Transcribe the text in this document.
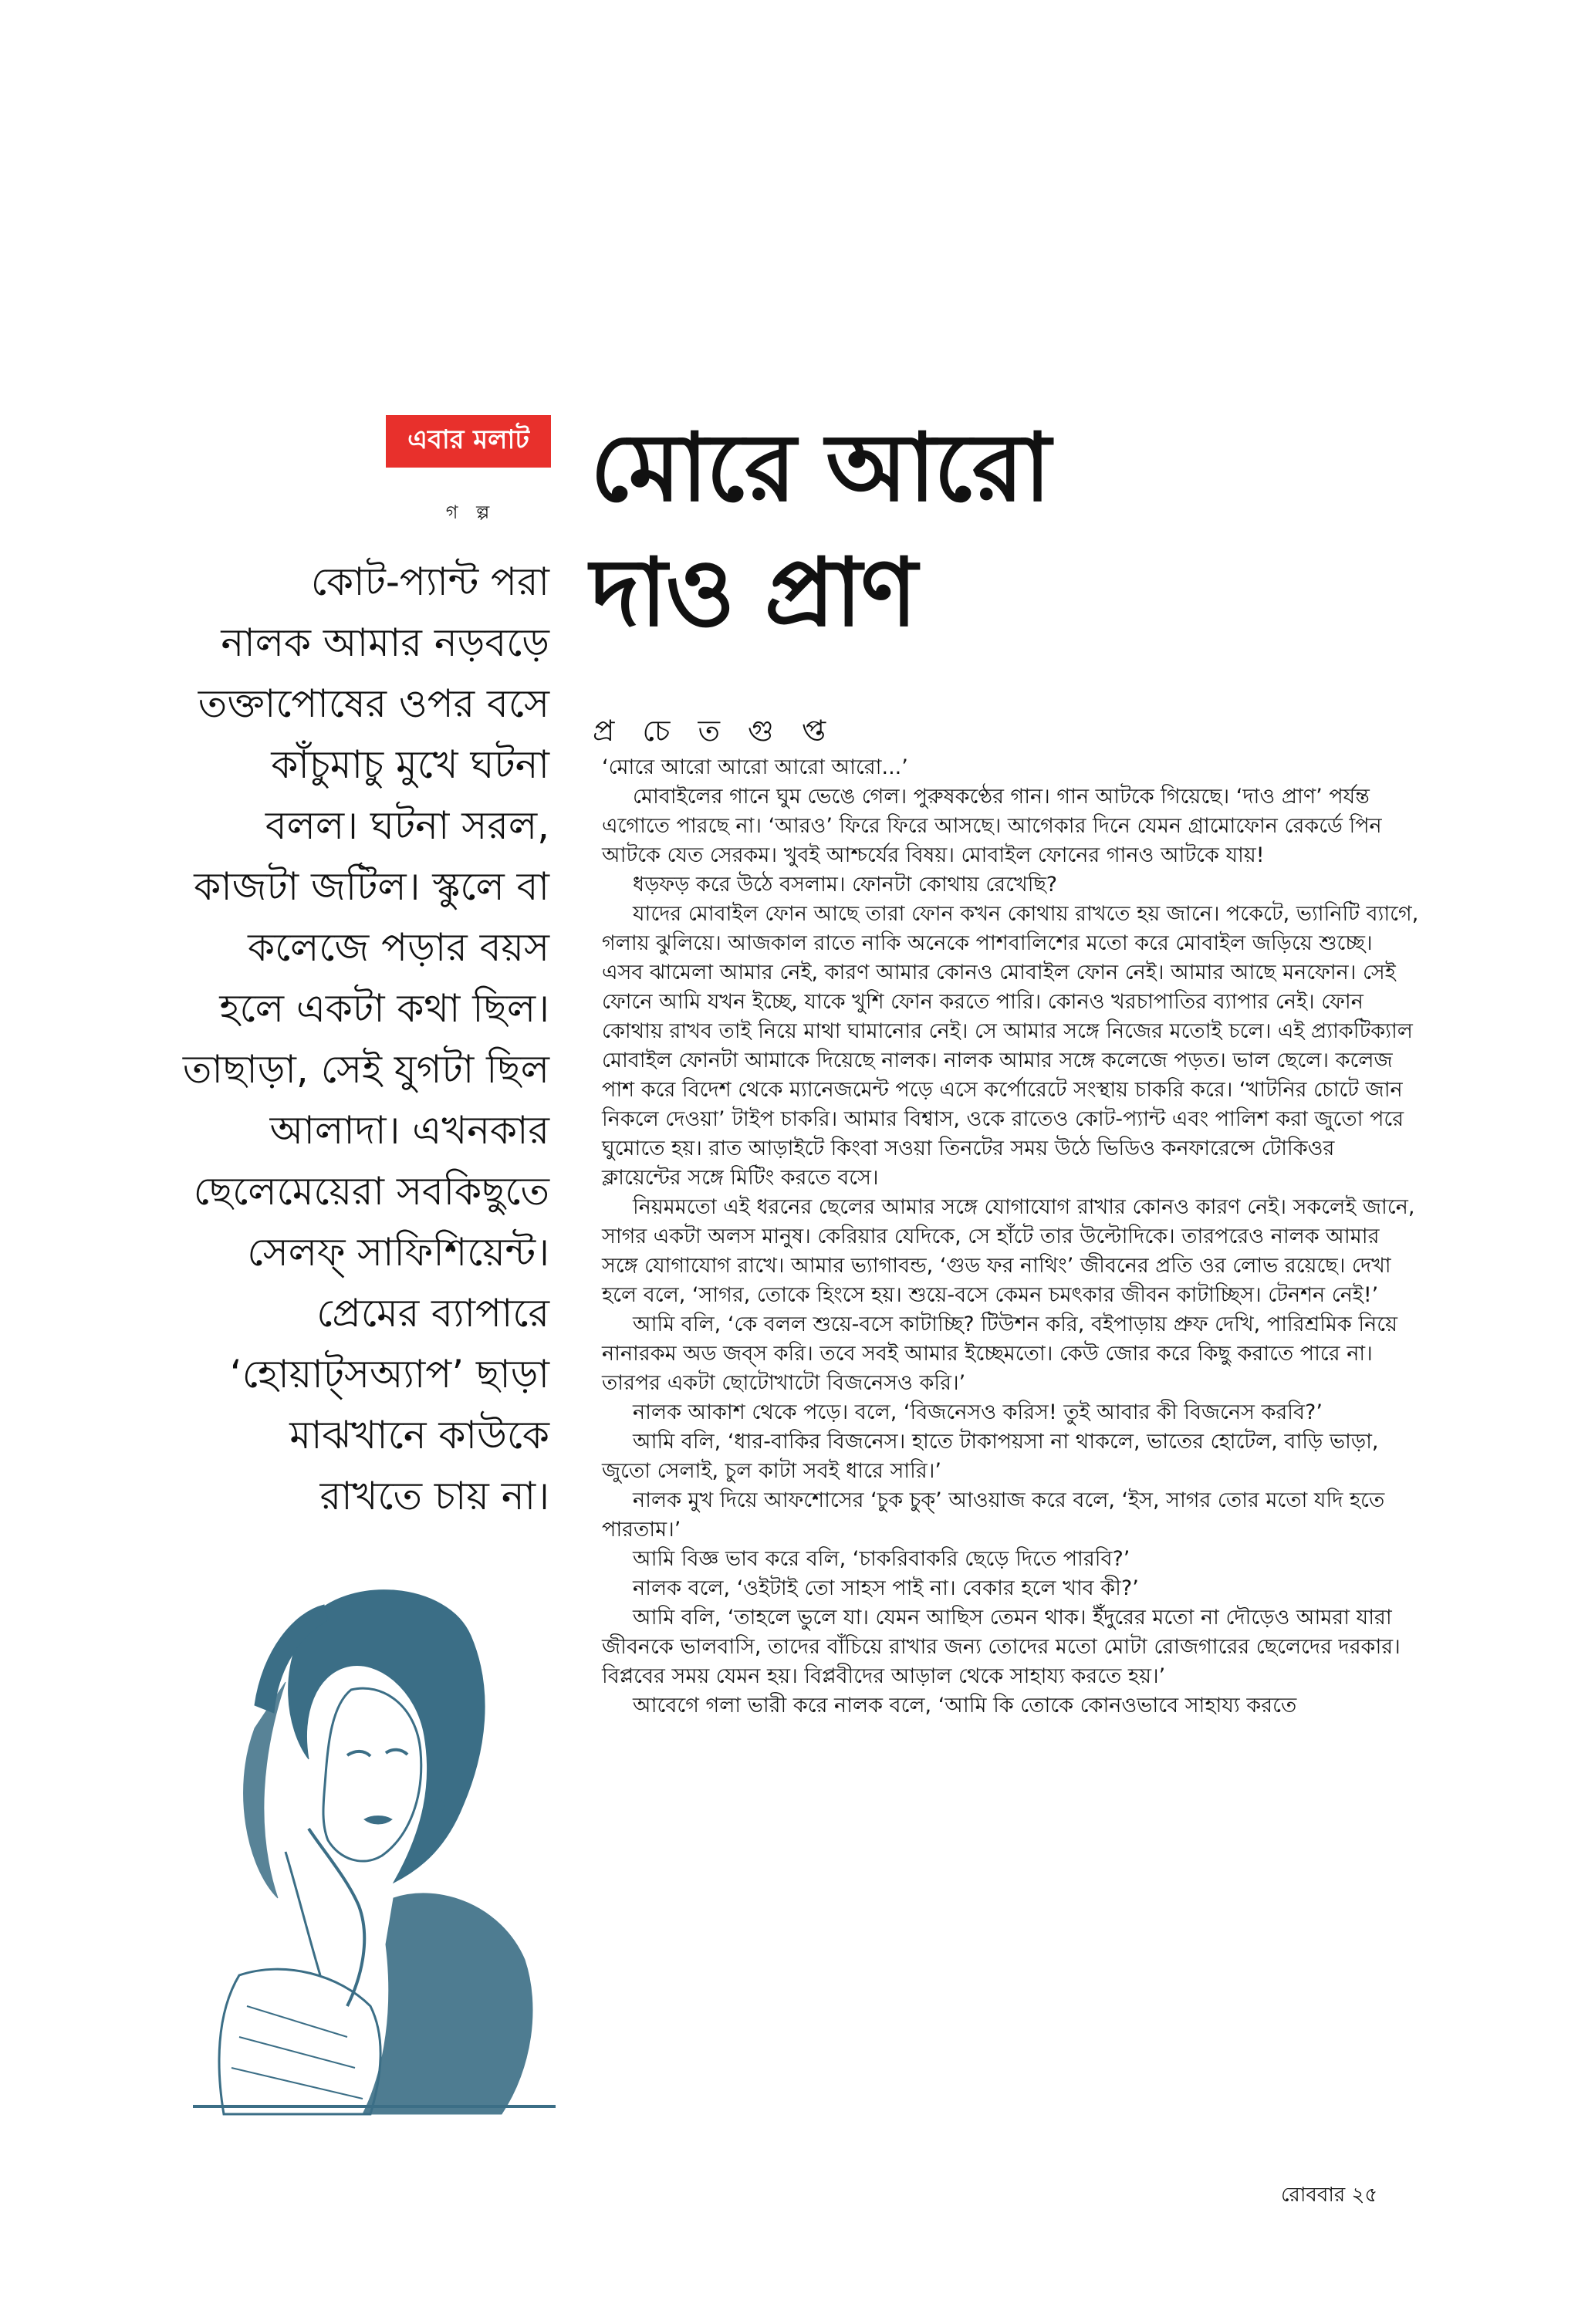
এবার মলাট
গ ল্প	মোরে আরো
দাও প্রাণ
প্র চে ত গু প্ত
কোট-প্যান্ট পরা
নালক আমার নড়বড়ে
তক্তাপোষের ওপর বসে
কাঁচুমাচু মুখে ঘটনা
বলল। ঘটনা সরল,
কাজটা জটিল। স্কুলে বা
কলেজে পড়ার বয়স
হলে একটা কথা ছিল।
তাছাড়া, সেই যুগটা ছিল
আলাদা। এখনকার
ছেলেমেয়েরা সবকিছুতে
সেলফ্ সাফিশিয়েন্ট।
প্রেমের ব্যাপারে
‘হোয়াট্সঅ্যাপ’ ছাড়া
মাঝখানে কাউকে
রাখতে চায় না।

‘মোরে আরো আরো আরো আরো...’

মোবাইলের গানে ঘুম ভেঙে গেল। পুরুষকণ্ঠের গান। গান আটকে গিয়েছে। ‘দাও প্রাণ’ পর্যন্ত এগোতে পারছে না। ‘আরও’ ফিরে ফিরে আসছে। আগেকার দিনে যেমন গ্রামোফোন রেকর্ডে পিন আটকে যেত সেরকম। খুবই আশ্চর্যের বিষয়। মোবাইল ফোনের গানও আটকে যায়!

ধড়ফড় করে উঠে বসলাম। ফোনটা কোথায় রেখেছি?

যাদের মোবাইল ফোন আছে তারা ফোন কখন কোথায় রাখতে হয় জানে। পকেটে, ভ্যানিটি ব্যাগে, গলায় ঝুলিয়ে। আজকাল রাতে নাকি অনেকে পাশবালিশের মতো করে মোবাইল জড়িয়ে শুচ্ছে। এসব ঝামেলা আমার নেই, কারণ আমার কোনও মোবাইল ফোন নেই। আমার আছে মনফোন। সেই ফোনে আমি যখন ইচ্ছে, যাকে খুশি ফোন করতে পারি। কোনও খরচাপাতির ব্যাপার নেই। ফোন কোথায় রাখব তাই নিয়ে মাথা ঘামানোর নেই। সে আমার সঙ্গে নিজের মতোই চলে। এই প্র্যাকটিক্যাল মোবাইল ফোনটা আমাকে দিয়েছে নালক। নালক আমার সঙ্গে কলেজে পড়ত। ভাল ছেলে। কলেজ পাশ করে বিদেশ থেকে ম্যানেজমেন্ট পড়ে এসে কর্পোরেটে সংস্থায় চাকরি করে। ‘খাটনির চোটে জান নিকলে দেওয়া’ টাইপ চাকরি। আমার বিশ্বাস, ওকে রাতেও কোট-প্যান্ট এবং পালিশ করা জুতো পরে ঘুমোতে হয়। রাত আড়াইটে কিংবা সওয়া তিনটের সময় উঠে ভিডিও কনফারেন্সে টোকিওর ক্লায়েন্টের সঙ্গে মিটিং করতে বসে।

নিয়মমতো এই ধরনের ছেলের আমার সঙ্গে যোগাযোগ রাখার কোনও কারণ নেই। সকলেই জানে, সাগর একটা অলস মানুষ। কেরিয়ার যেদিকে, সে হাঁটে তার উল্টোদিকে। তারপরেও নালক আমার সঙ্গে যোগাযোগ রাখে। আমার ভ্যাগাবন্ড, ‘গুড ফর নাথিং’ জীবনের প্রতি ওর লোভ রয়েছে। দেখা হলে বলে, ‘সাগর, তোকে হিংসে হয়। শুয়ে-বসে কেমন চমৎকার জীবন কাটাচ্ছিস। টেনশন নেই!’

আমি বলি, ‘কে বলল শুয়ে-বসে কাটাচ্ছি? টিউশন করি, বইপাড়ায় প্রুফ দেখি, পারিশ্রমিক নিয়ে নানারকম অড জব্‌স করি। তবে সবই আমার ইচ্ছেমতো। কেউ জোর করে কিছু করাতে পারে না। তারপর একটা ছোটোখাটো বিজনেসও করি।’

নালক আকাশ থেকে পড়ে। বলে, ‘বিজনেসও করিস! তুই আবার কী বিজনেস করবি?’

আমি বলি, ‘ধার-বাকির বিজনেস। হাতে টাকাপয়সা না থাকলে, ভাতের হোটেল, বাড়ি ভাড়া, জুতো সেলাই, চুল কাটা সবই ধারে সারি।’

নালক মুখ দিয়ে আফশোসের ‘চুক চুক্’ আওয়াজ করে বলে, ‘ইস, সাগর তোর মতো যদি হতে পারতাম।’

আমি বিজ্ঞ ভাব করে বলি, ‘চাকরিবাকরি ছেড়ে দিতে পারবি?’

নালক বলে, ‘ওইটাই তো সাহস পাই না। বেকার হলে খাব কী?’

আমি বলি, ‘তাহলে ভুলে যা। যেমন আছিস তেমন থাক। ইঁদুরের মতো না দৌড়েও আমরা যারা জীবনকে ভালবাসি, তাদের বাঁচিয়ে রাখার জন্য তোদের মতো মোটা রোজগারের ছেলেদের দরকার। বিপ্লবের সময় যেমন হয়। বিপ্লবীদের আড়াল থেকে সাহায্য করতে হয়।’

আবেগে গলা ভারী করে নালক বলে, ‘আমি কি তোকে কোনওভাবে সাহায্য করতে

রোববার ২৫
